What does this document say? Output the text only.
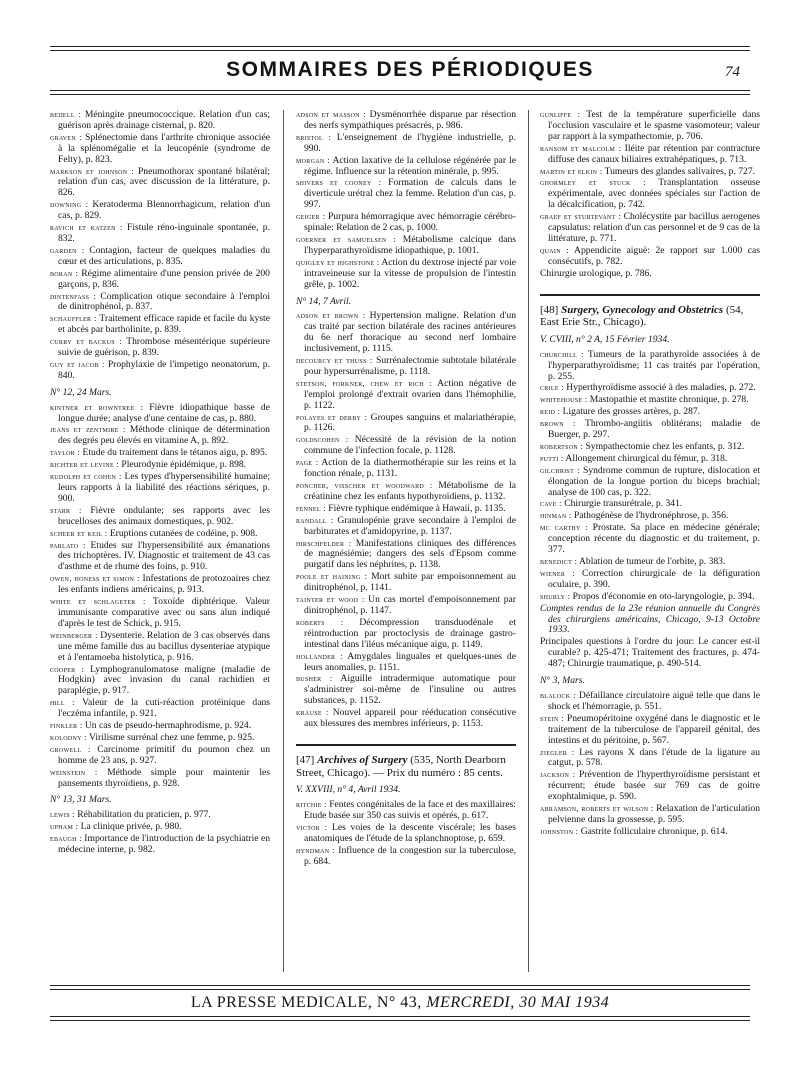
SOMMAIRES DES PÉRIODIQUES	74
bedell : Méningite pneumococcique. Relation d'un cas; guérison après drainage cisternal, p. 820.
graven : Splénectomie dans l'arthrite chronique associée à la splénomégalie et la leucopénie (syndrome de Felty), p. 823.
markson et johnson : Pneumothorax spontané bilatéral; relation d'un cas, avec discussion de la littérature, p. 826.
downing : Keratoderma Blennorrhagicum, relation d'un cas, p. 829.
ravich et katzen : Fistule réno-inguinale spontanée, p. 832.
garden : Contagion, facteur de quelques maladies du cœur et des articulations, p. 835.
boran : Régime alimentaire d'une pension privée de 200 garçons, p. 836.
dintenfass : Complication otique secondaire à l'emploi de dinitrophénol, p. 837.
schauffler : Traitement efficace rapide et facile du kyste et abcès par bartholinite, p. 839.
curry et backus : Thrombose mésentérique supérieure suivie de guérison, p. 839.
guy et jacob : Prophylaxie de l'impetigo neonatorum, p. 840.
N° 12, 24 Mars.
kintner et rowntree : Fièvre idiopathique basse de longue durée; analyse d'une centaine de cas, p. 880.
jeans et zentmire : Méthode clinique de détermination des degrés peu élevés en vitamine A, p. 892.
taylor : Etude du traitement dans le tétanos aigu, p. 895.
richter et levine : Pleurodynie épidémique, p. 898.
rudolph et cohen : Les types d'hypersensibilité humaine; leurs rapports à la liabilité des réactions sériques, p. 900.
starr : Fièvre ondulante; ses rapports avec les brucelloses des animaux domestiques, p. 902.
scheer et keil : Eruptions cutanées de codéine, p. 908.
parlato : Etudes sur l'hypersensibilité aux émanations des trichoptères. IV. Diagnostic et traitement de 43 cas d'asthme et de rhume des foins, p. 910.
owen, honess et simon : Infestations de protozoaires chez les enfants indiens américains, p. 913.
white et schlageter : Toxoïde diphtérique. Valeur immunisante comparative avec ou sans alun indiqué d'après le test de Schick, p. 915.
weinberger : Dysenterie. Relation de 3 cas observés dans une même famille dus au bacillus dysenteriae atypique et à l'entamoeba histolytica, p. 916.
cooper : Lymphogranulomatose maligne (maladie de Hodgkin) avec invasion du canal rachidien et paraplégie, p. 917.
hill : Valeur de la cuti-réaction protéinique dans l'eczéma infantile, p. 921.
finkler : Un cas de pseudo-hermaphrodisme, p. 924.
kolodny : Virilisme surrénal chez une femme, p. 925.
growell : Carcinome primitif du poumon chez un homme de 23 ans, p. 927.
weinstein : Méthode simple pour maintenir les pansements thyroïdiens, p. 928.
N° 13, 31 Mars.
lewis : Réhabilitation du praticien, p. 977.
upham : La clinique privée, p. 980.
ebaugh : Importance de l'introduction de la psychiatrie en médecine interne, p. 982.
adson et masson : Dysménorrhée disparue par résection des nerfs sympathiques présacrés, p. 986.
bristol : L'enseignement de l'hygiène industrielle, p. 990.
morgan : Action laxative de la cellulose régénérée par le régime. Influence sur la rétention minérale, p. 995.
shivers et cooney : Formation de calculs dans le diverticule urétral chez la femme. Relation d'un cas, p. 997.
geiger : Purpura hémorragique avec hémorragie cérébro-spinale: Relation de 2 cas, p. 1000.
goerner et samuelsen : Métabolisme calcique dans l'hyperparathyroïdisme idiopathique, p. 1001.
quigley et highstone : Action du dextrose injecté par voie intraveineuse sur la vitesse de propulsion de l'intestin grêle, p. 1002.
N° 14, 7 Avril.
adson et brown : Hypertension maligne. Relation d'un cas traité par section bilatérale des racines antérieures du 6e nerf thoracique au second nerf lombaire inclusivement, p. 1115.
decourcy et thuss : Surrénalectomie subtotale bilatérale pour hypersurrénalisme, p. 1118.
stetson, forkner, chew et rich : Action négative de l'emploi prolongé d'extrait ovarien dans l'hémophilie, p. 1122.
polayes et derby : Groupes sanguins et malariathérapie, p. 1126.
goldscohen : Nécessité de la révision de la notion commune de l'infection focale, p. 1128.
page : Action de la diathermothérapie sur les reins et la fonction rénale, p. 1131.
poncher, visscher et woodward : Métabolisme de la créatinine chez les enfants hypothyroïdiens, p. 1132.
fennel : Fièvre typhique endémique à Hawaii, p. 1135.
randall : Granulopénie grave secondaire à l'emploi de barbiturates et d'amidopyrine, p. 1137.
hirschfelder : Manifestations cliniques des différences de magnésiémie; dangers des sels d'Epsom comme purgatif dans les néphrites, p. 1138.
poole et haining : Mort subite par empoisonnement au dinitrophénol, p. 1141.
tainter et wood : Un cas mortel d'empoisonnement par dinitrophénol, p. 1147.
roberts : Décompression transduodénale et réintroduction par proctoclysis de drainage gastro-intestinal dans l'iléus mécanique aigu, p. 1149.
hollander : Amygdales linguales et quelques-unes de leurs anomalies, p. 1151.
busher : Aiguille intradermique automatique pour s'administrer soi-même de l'insuline ou autres substances, p. 1152.
krause : Nouvel appareil pour rééducation consécutive aux blessures des membres inférieurs, p. 1153.
[47] Archives of Surgery (535, North Dearborn Street, Chicago). — Prix du numéro : 85 cents.
V. XXVIII, n° 4, Avril 1934.
ritchie : Fentes congénitales de la face et des maxillaires: Etude basée sur 350 cas suivis et opérés, p. 617.
victor : Les voies de la descente viscérale; les bases anatomiques de l'étude de la splanchnoptose, p. 659.
hyndman : Influence de la congestion sur la tuberculose, p. 684.
gunliffe : Test de la température superficielle dans l'occlusion vasculaire et le spasme vasomoteur; valeur par rapport à la sympathectomie, p. 706.
ransom et malcolm : Iléite par rétention par contracture diffuse des canaux biliaires extrahépatiques, p. 713.
martin et elkin : Tumeurs des glandes salivaires, p. 727.
ghormley et stuck : Transplantation osseuse expérimentale, avec données spéciales sur l'action de la décalcification, p. 742.
graef et sturtevant : Cholécystite par bacillus aerogenes capsulatus: relation d'un cas personnel et de 9 cas de la littérature, p. 771.
quain : Appendicite aiguë: 2e rapport sur 1.000 cas consécutifs, p. 782.
Chirurgie urologique, p. 786.
[48] Surgery, Gynecology and Obstetrics (54, East Erie Str., Chicago).
V. CVIII, n° 2 A, 15 Février 1934.
churchill : Tumeurs de la parathyroïde associées à de l'hyperparathyroïdisme; 11 cas traités par l'opération, p. 255.
crile : Hyperthyroïdisme associé à des maladies, p. 272.
whitehouse : Mastopathie et mastite chronique, p. 278.
reid : Ligature des grosses artères, p. 287.
brown : Thrombo-angiitis oblitérans; maladie de Buerger, p. 297.
robertson : Sympathectomie chez les enfants, p. 312.
putti : Allongement chirurgical du fémur, p. 318.
gilchrist : Syndrome commun de rupture, dislocation et élongation de la longue portion du biceps brachial; analyse de 100 cas, p. 322.
cave : Chirurgie transurétrale, p. 341.
hinman : Pathogénèse de l'hydronéphrose, p. 356.
mc carthy : Prostate. Sa place en médecine générale; conception récente du diagnostic et du traitement, p. 377.
benedict : Ablation de tumeur de l'orbite, p. 383.
wiener : Correction chirurgicale de la défiguration oculaire, p. 390.
shurly : Propos d'économie en oto-laryngologie, p. 394.
Comptes rendus de la 23e réunion annuelle du Congrès des chirurgiens américains, Chicago, 9-13 Octobre 1933.
Principales questions à l'ordre du jour: Le cancer est-il curable? p. 425-471; Traitement des fractures, p. 474-487; Chirurgie traumatique, p. 490-514.
N° 3, Mars.
blalock : Défaillance circulatoire aiguë telle que dans le shock et l'hémorragie, p. 551.
stein : Pneumopéritoine oxygéné dans le diagnostic et le traitement de la tuberculose de l'appareil génital, des intestins et du péritoine, p. 567.
ziegler : Les rayons X dans l'étude de la ligature au catgut, p. 578.
jackson : Prévention de l'hyperthyroïdisme persistant et récurrent; étude basée sur 769 cas de goitre exophtalmique, p. 590.
abramson, roberts et wilson : Relaxation de l'articulation pelvienne dans la grossesse, p. 595.
johnston : Gastrite folliculaire chronique, p. 614.
LA PRESSE MEDICALE, N° 43, MERCREDI, 30 MAI 1934
